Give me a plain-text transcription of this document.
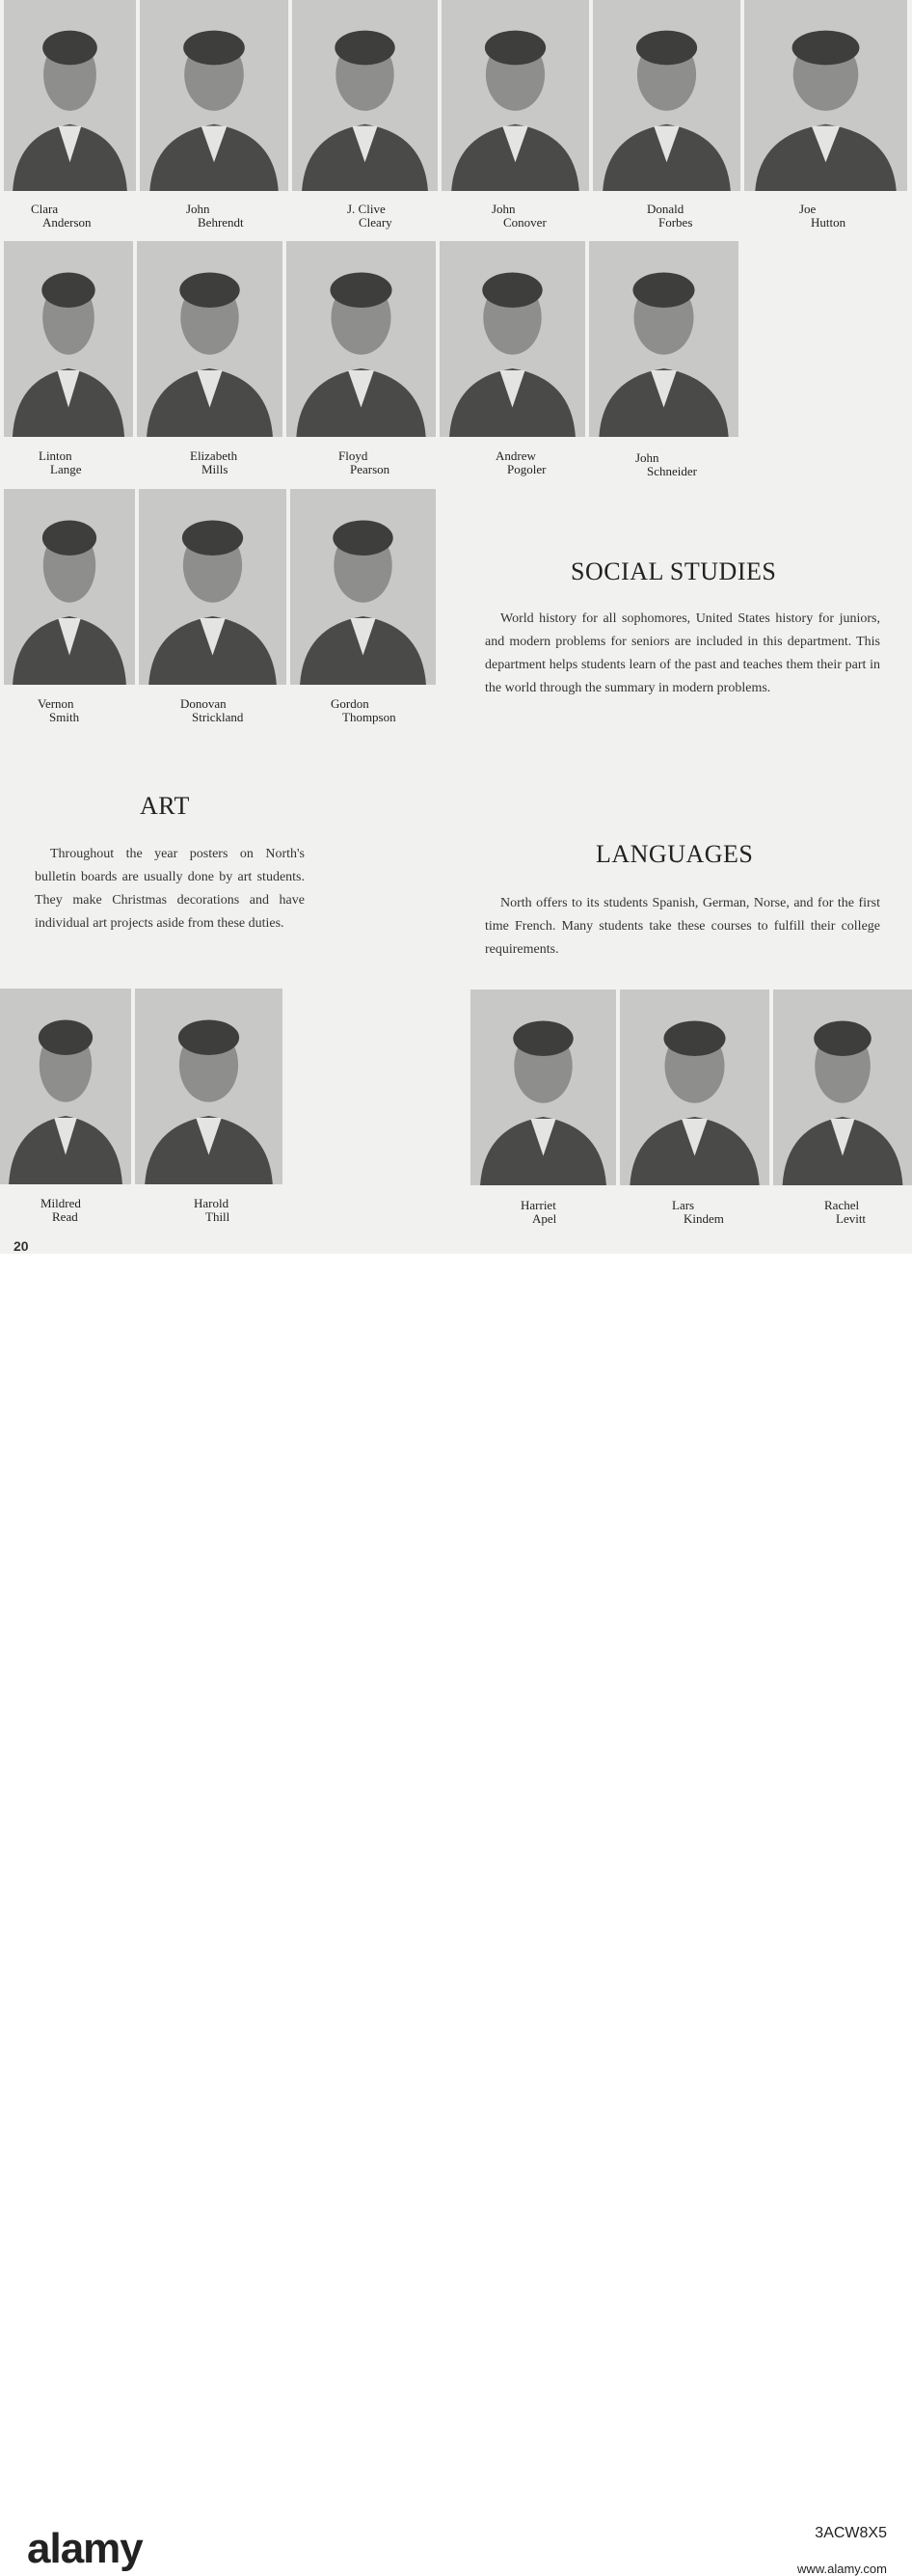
Clara
Anderson
John
Behrendt
J. Clive
Cleary
John
Conover
Donald
Forbes
Joe
Hutton
Linton
Lange
Elizabeth
Mills
Floyd
Pearson
Andrew
Pogoler
John
Schneider
Vernon
Smith
Donovan
Strickland
Gordon
Thompson
SOCIAL STUDIES
World history for all sophomores, United States history for juniors, and modern problems for seniors are included in this department. This department helps students learn of the past and teaches them their part in the world through the summary in modern problems.
ART
Throughout the year posters on North's bulletin boards are usually done by art students. They make Christmas decorations and have individual art projects aside from these duties.
LANGUAGES
North offers to its students Spanish, German, Norse, and for the first time French. Many students take these courses to fulfill their college requirements.
Mildred
Read
Harold
Thill
Harriet
Apel
Lars
Kindem
Rachel
Levitt
20
alamy	3ACW8X5
www.alamy.com
